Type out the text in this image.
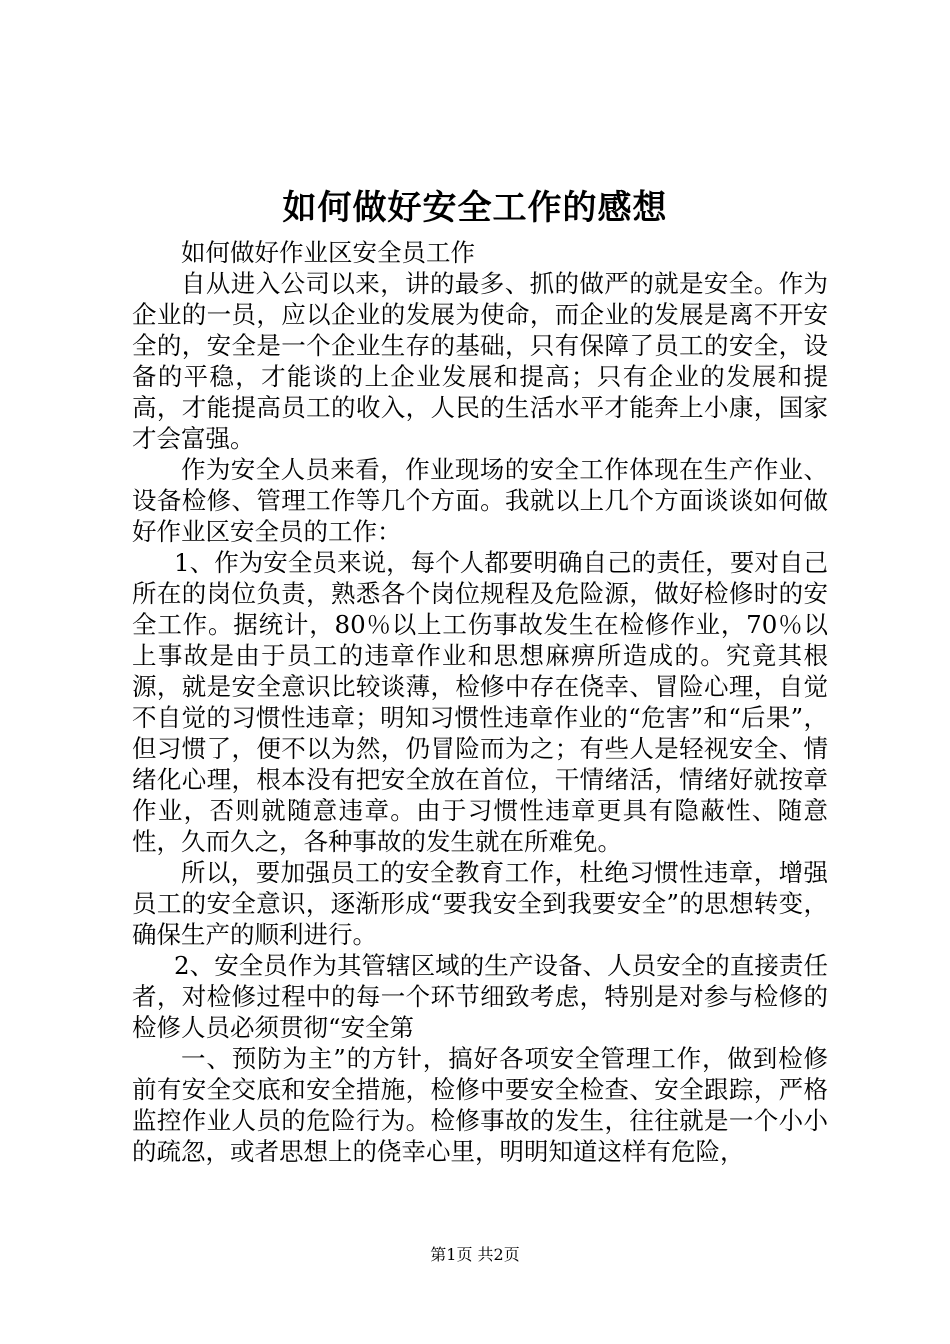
如何做好安全工作的感想

如何做好作业区安全员工作

自从进入公司以来，讲的最多、抓的做严的就是安全。作为企业的一员，应以企业的发展为使命，而企业的发展是离不开安全的，安全是一个企业生存的基础，只有保障了员工的安全，设备的平稳，才能谈的上企业发展和提高；只有企业的发展和提高，才能提高员工的收入，人民的生活水平才能奔上小康，国家才会富强。

作为安全人员来看，作业现场的安全工作体现在生产作业、设备检修、管理工作等几个方面。我就以上几个方面谈谈如何做好作业区安全员的工作：

1、作为安全员来说，每个人都要明确自己的责任，要对自己所在的岗位负责，熟悉各个岗位规程及危险源，做好检修时的安全工作。据统计，80％以上工伤事故发生在检修作业，70％以上事故是由于员工的违章作业和思想麻痹所造成的。究竟其根源，就是安全意识比较谈薄，检修中存在侥幸、冒险心理，自觉不自觉的习惯性违章；明知习惯性违章作业的“危害”和“后果”，但习惯了，便不以为然，仍冒险而为之；有些人是轻视安全、情绪化心理，根本没有把安全放在首位，干情绪活，情绪好就按章作业，否则就随意违章。由于习惯性违章更具有隐蔽性、随意性，久而久之，各种事故的发生就在所难免。

所以，要加强员工的安全教育工作，杜绝习惯性违章，增强员工的安全意识，逐渐形成“要我安全到我要安全”的思想转变，确保生产的顺利进行。

2、安全员作为其管辖区域的生产设备、人员安全的直接责任者，对检修过程中的每一个环节细致考虑，特别是对参与检修的检修人员必须贯彻“安全第

一、预防为主”的方针，搞好各项安全管理工作，做到检修前有安全交底和安全措施，检修中要安全检查、安全跟踪，严格监控作业人员的危险行为。检修事故的发生，往往就是一个小小的疏忽，或者思想上的侥幸心里，明明知道这样有危险，

第1页 共2页
